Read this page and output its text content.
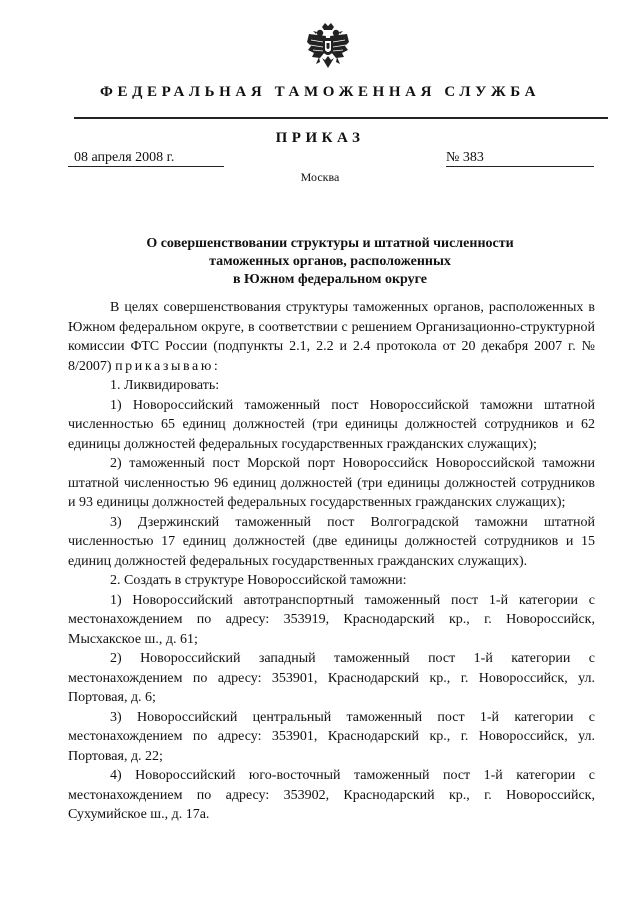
ФЕДЕРАЛЬНАЯ ТАМОЖЕННАЯ СЛУЖБА
ПРИКАЗ
08 апреля 2008 г.	№ 383
Москва
О совершенствовании структуры и штатной численности
таможенных органов, расположенных
в Южном федеральном округе

В целях совершенствования структуры таможенных органов, расположенных в Южном федеральном округе, в соответствии с решением Организационно-структурной комиссии ФТС России (подпункты 2.1, 2.2 и 2.4 протокола от 20 декабря 2007 г. № 8/2007) приказываю:

1. Ликвидировать:

1) Новороссийский таможенный пост Новороссийской таможни штатной численностью 65 единиц должностей (три единицы должностей сотрудников и 62 единицы должностей федеральных государственных гражданских служащих);

2) таможенный пост Морской порт Новороссийск Новороссийской таможни штатной численностью 96 единиц должностей (три единицы должностей сотрудников и 93 единицы должностей федеральных государственных гражданских служащих);

3) Дзержинский таможенный пост Волгоградской таможни штатной численностью 17 единиц должностей (две единицы должностей сотрудников и 15 единиц должностей федеральных государственных гражданских служащих).

2. Создать в структуре Новороссийской таможни:

1) Новороссийский автотранспортный таможенный пост 1-й категории с местонахождением по адресу: 353919, Краснодарский кр., г. Новороссийск, Мысхакское ш., д. 61;

2) Новороссийский западный таможенный пост 1-й категории с местонахождением по адресу: 353901, Краснодарский кр., г. Новороссийск, ул. Портовая, д. 6;

3) Новороссийский центральный таможенный пост 1-й категории с местонахождением по адресу: 353901, Краснодарский кр., г. Новороссийск, ул. Портовая, д. 22;

4) Новороссийский юго-восточный таможенный пост 1-й категории с местонахождением по адресу: 353902, Краснодарский кр., г. Новороссийск, Сухумийское ш., д. 17а.
